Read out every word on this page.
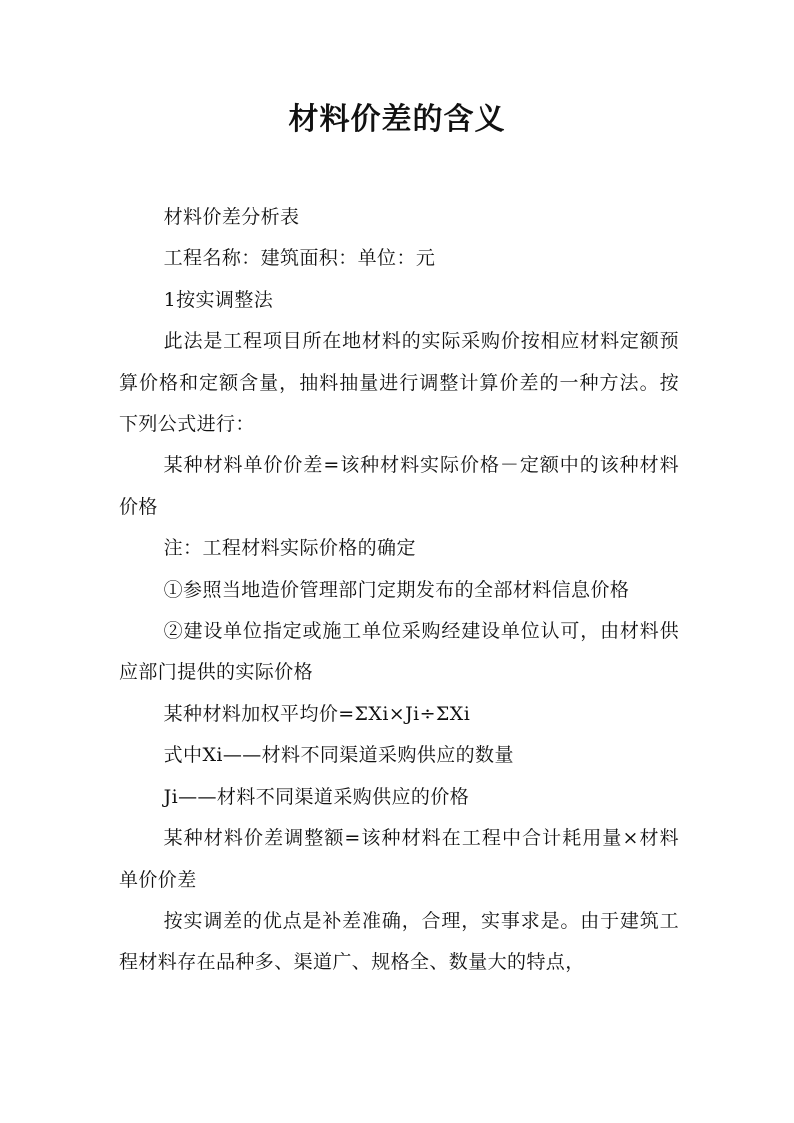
材料价差的含义

材料价差分析表

工程名称：建筑面积：单位：元

1按实调整法

此法是工程项目所在地材料的实际采购价按相应材料定额预算价格和定额含量，抽料抽量进行调整计算价差的一种方法。按下列公式进行：

某种材料单价价差=该种材料实际价格－定额中的该种材料价格

注：工程材料实际价格的确定

①参照当地造价管理部门定期发布的全部材料信息价格

②建设单位指定或施工单位采购经建设单位认可，由材料供应部门提供的实际价格

某种材料加权平均价=ΣXi×Ji÷ΣXi

式中Xi——材料不同渠道采购供应的数量

Ji——材料不同渠道采购供应的价格

某种材料价差调整额=该种材料在工程中合计耗用量×材料单价价差

按实调差的优点是补差准确，合理，实事求是。由于建筑工程材料存在品种多、渠道广、规格全、数量大的特点，
